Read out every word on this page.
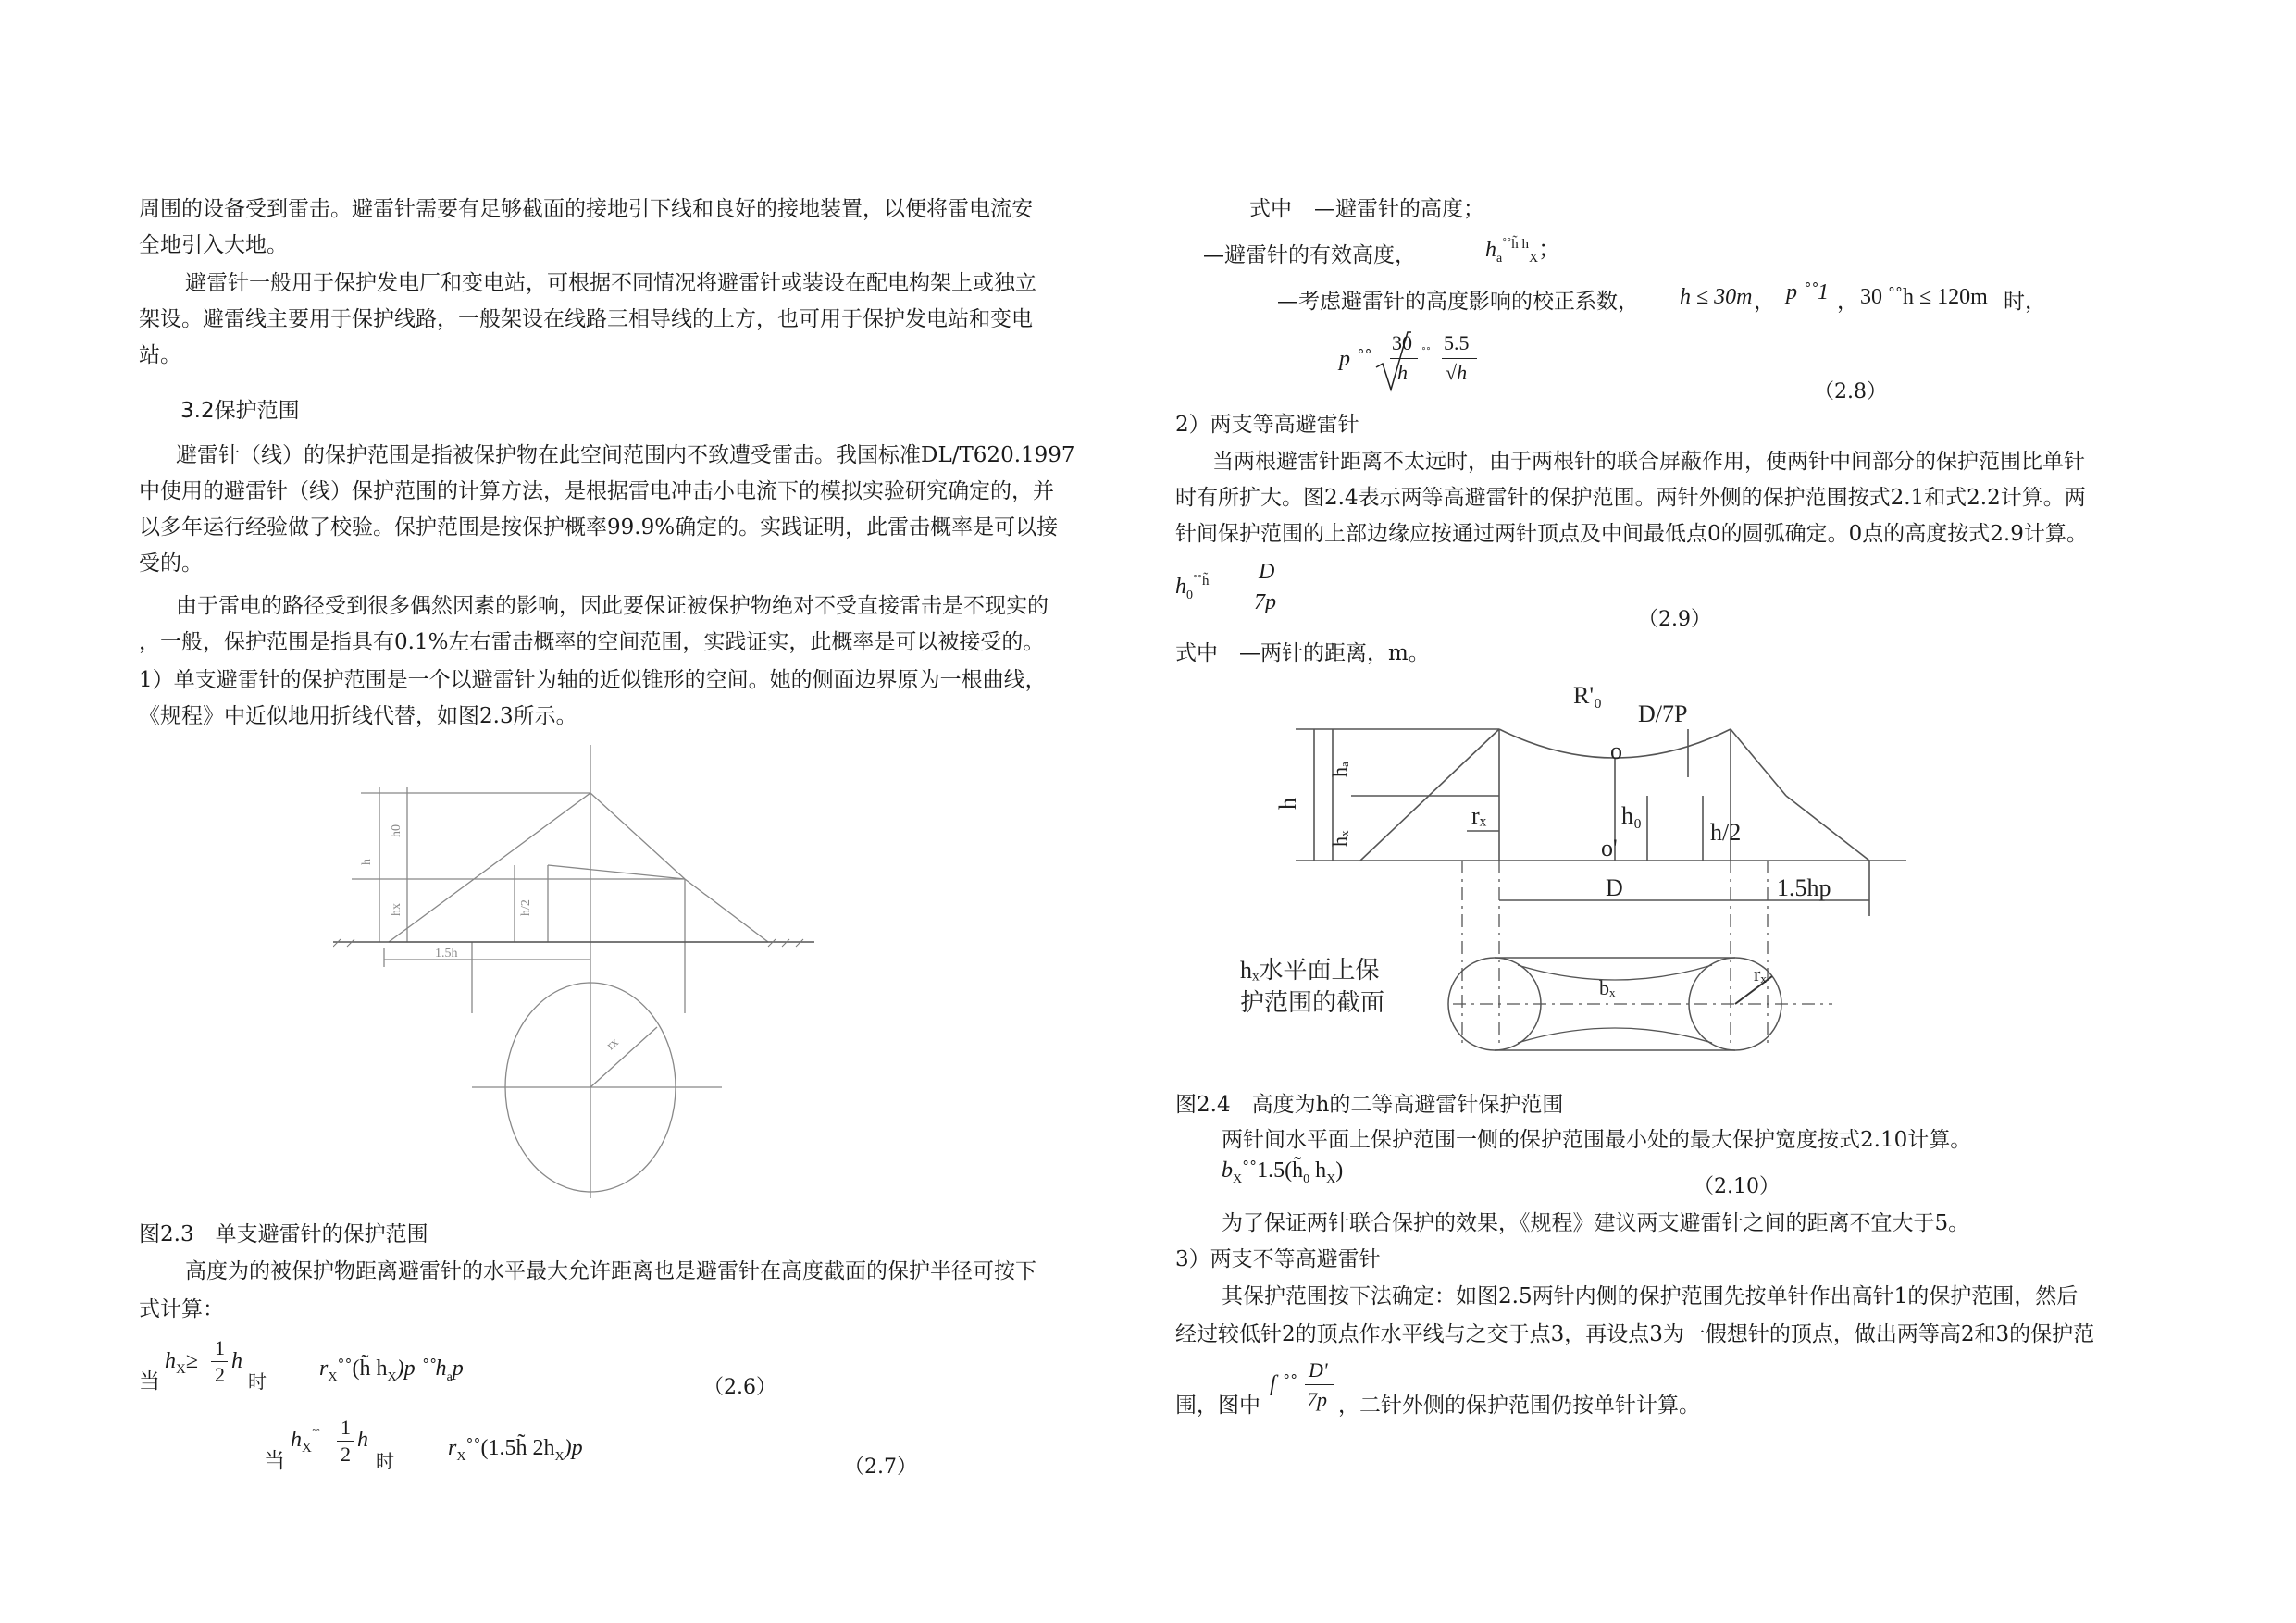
周围的设备受到雷击。避雷针需要有足够截面的接地引下线和良好的接地装置，以便将雷电流安
全地引入大地。
避雷针一般用于保护发电厂和变电站，可根据不同情况将避雷针或装设在配电构架上或独立
架设。避雷线主要用于保护线路，一般架设在线路三相导线的上方，也可用于保护发电站和变电
站。
3.2保护范围
避雷针（线）的保护范围是指被保护物在此空间范围内不致遭受雷击。我国标准DL/T620.1997
中使用的避雷针（线）保护范围的计算方法，是根据雷电冲击小电流下的模拟实验研究确定的，并
以多年运行经验做了校验。保护范围是按保护概率99.9%确定的。实践证明，此雷击概率是可以接
受的。
由于雷电的路径受到很多偶然因素的影响，因此要保证被保护物绝对不受直接雷击是不现实的
，一般，保护范围是指具有0.1%左右雷击概率的空间范围，实践证实，此概率是可以被接受的。
1）单支避雷针的保护范围是一个以避雷针为轴的近似锥形的空间。她的侧面边界原为一根曲线，
《规程》中近似地用折线代替，如图2.3所示。
h
h0
hx	h/2
1.5h
rx
图2.3　单支避雷针的保护范围
高度为的被保护物距离避雷针的水平最大允许距离也是避雷针在高度截面的保护半径可按下
式计算：
当
$h_X\ge$
1
2
h
时
$r_X˚˚(h̃$ $h_X)p$ $˚˚h_ap$
（2.6）
当
$h_X^{˚˚}$ 1
2
h
时
$r_X˚˚(1.5h̃$ $2h_X)p$
（2.7）
式中 —避雷针的高度；
—避雷针的有效高度，	$h_a^{˚˚h̃ h}_X$；
—考虑避雷针的高度影响的校正系数， h ≤ 30m ， p ˚˚1 ， 30 ˚˚h ≤ 120m 时，
p ˚˚
30
h
˚˚ 5.5
√h
（2.8）
2）两支等高避雷针
当两根避雷针距离不太远时，由于两根针的联合屏蔽作用，使两针中间部分的保护范围比单针
时有所扩大。图2.4表示两等高避雷针的保护范围。两针外侧的保护范围按式2.1和式2.2计算。两
针间保护范围的上部边缘应按通过两针顶点及中间最低点0的圆弧确定。0点的高度按式2.9计算。
$h_0^{˚˚h̃}$ D
7p
（2.9）
式中　—两针的距离，m。
R'₀
D/7P
o
o'
h
hₐ
hₓ
rₓ	h₀
h/2
D	1.5hp
hₓ水平面上保
护范围的截面
bₓ
rₓ
图2.4　高度为h的二等高避雷针保护范围
两针间水平面上保护范围一侧的保护范围最小处的最大保护宽度按式2.10计算。
$b_X˚˚1.5(h̃_0$ $h_X$)
（2.10）
为了保证两针联合保护的效果，《规程》建议两支避雷针之间的距离不宜大于5。
3）两支不等高避雷针
其保护范围按下法确定：如图2.5两针内侧的保护范围先按单针作出高针1的保护范围，然后
经过较低针2的顶点作水平线与之交于点3，再设点3为一假想针的顶点，做出两等高2和3的保护范
围，图中
f ˚˚
D'
7p ，二针外侧的保护范围仍按单针计算。
